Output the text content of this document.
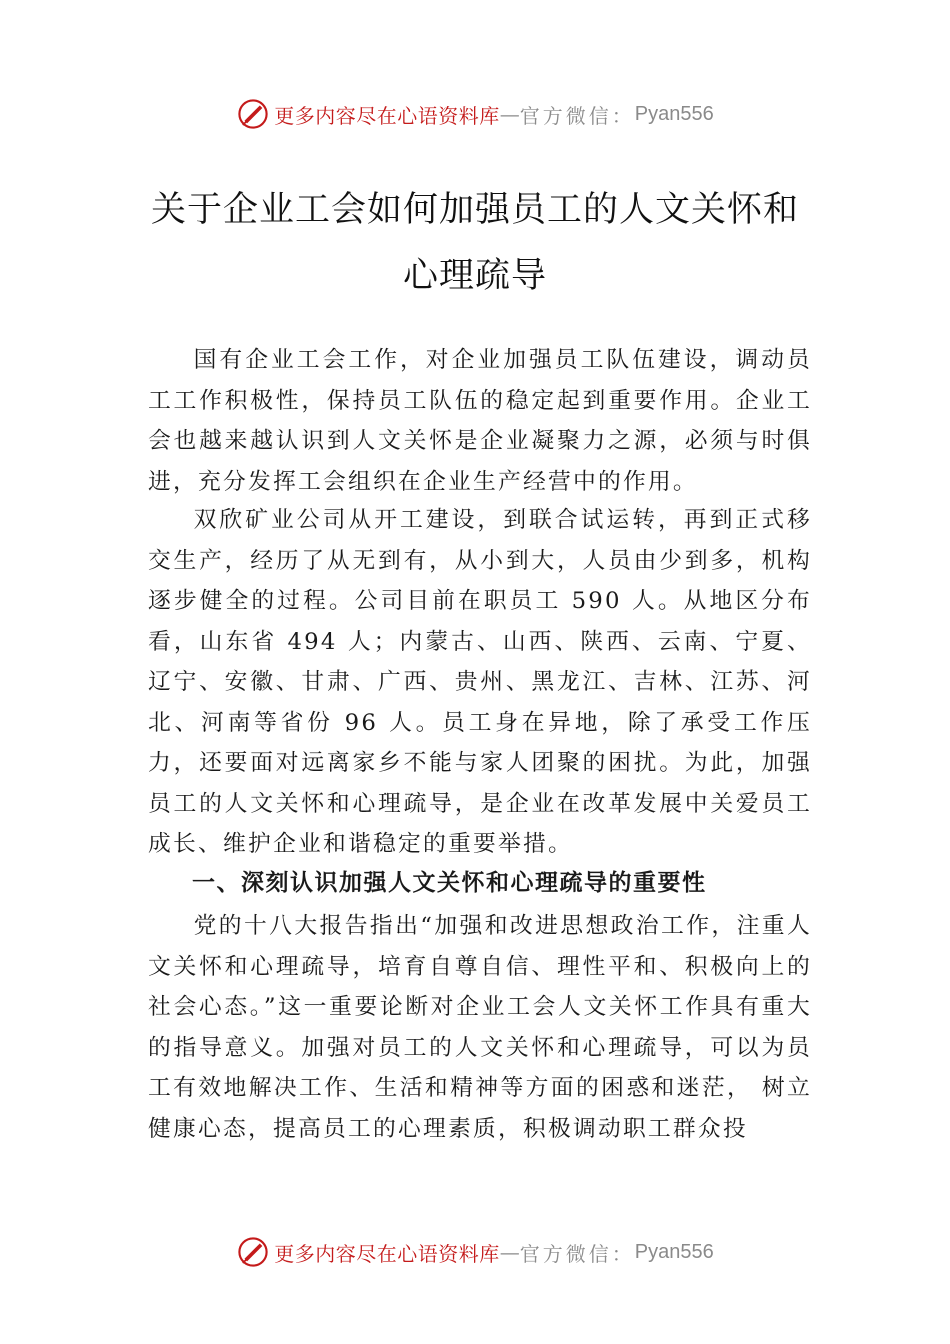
更多内容尽在心语资料库 — 官方微信： Pyan556
关于企业工会如何加强员工的人文关怀和
心理疏导

国有企业工会工作，对企业加强员工队伍建设，调动员工工作积极性，保持员工队伍的稳定起到重要作用。企业工会也越来越认识到人文关怀是企业凝聚力之源，必须与时俱进，充分发挥工会组织在企业生产经营中的作用。

双欣矿业公司从开工建设，到联合试运转，再到正式移交生产，经历了从无到有，从小到大，人员由少到多，机构逐步健全的过程。公司目前在职员工 590 人。从地区分布看，山东省 494 人；内蒙古、山西、陕西、云南、宁夏、辽宁、安徽、甘肃、广西、贵州、黑龙江、吉林、江苏、河北、河南等省份 96 人。员工身在异地，除了承受工作压力，还要面对远离家乡不能与家人团聚的困扰。为此，加强员工的人文关怀和心理疏导，是企业在改革发展中关爱员工成长、维护企业和谐稳定的重要举措。

党的十八大报告指出“加强和改进思想政治工作，注重人文关怀和心理疏导，培育自尊自信、理性平和、积极向上的社会心态。”这一重要论断对企业工会人文关怀工作具有重大的指导意义。加强对员工的人文关怀和心理疏导，可以为员工有效地解决工作、生活和精神等方面的困惑和迷茫， 树立健康心态，提高员工的心理素质，积极调动职工群众投

一、深刻认识加强人文关怀和心理疏导的重要性
更多内容尽在心语资料库 — 官方微信： Pyan556
